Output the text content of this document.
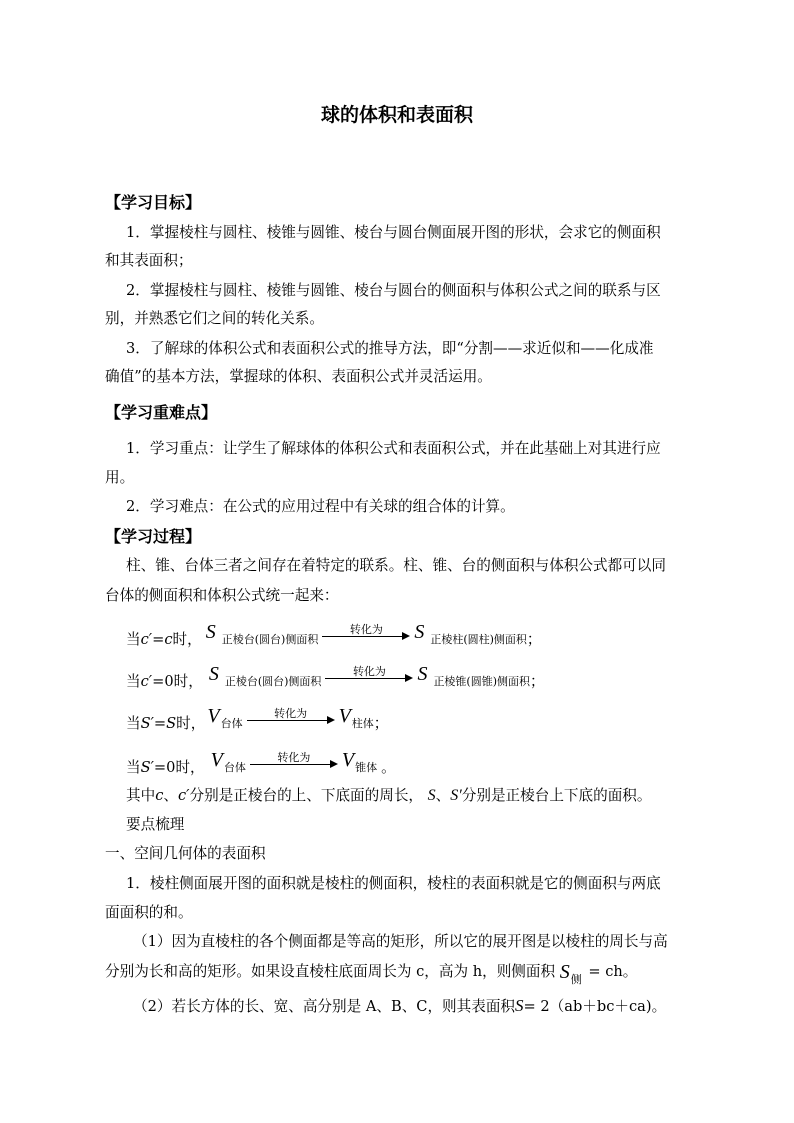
球的体积和表面积
【学习目标】
1．掌握棱柱与圆柱、棱锥与圆锥、棱台与圆台侧面展开图的形状，会求它的侧面积
和其表面积；
2．掌握棱柱与圆柱、棱锥与圆锥、棱台与圆台的侧面积与体积公式之间的联系与区
别，并熟悉它们之间的转化关系。
3．了解球的体积公式和表面积公式的推导方法，即“分割——求近似和——化成准
确值”的基本方法，掌握球的体积、表面积公式并灵活运用。
【学习重难点】
1．学习重点：让学生了解球体的体积公式和表面积公式，并在此基础上对其进行应
用。
2．学习难点：在公式的应用过程中有关球的组合体的计算。
【学习过程】
柱、锥、台体三者之间存在着特定的联系。柱、锥、台的侧面积与体积公式都可以同
台体的侧面积和体积公式统一起来：
当 c′ = c 时， S 正棱台(圆台)侧面积
转化为	S 正棱柱(圆柱)侧面积 ；
当 c′ = 0 时， S 正棱台(圆台)侧面积
转化为	S 正棱锥(圆锥)侧面积 ；
当 S′ = S 时， V 台体
转化为	V 柱体 ；
当 S′ = 0 时， V 台体
转化为	V 锥体 。
其中c、c′分别是正棱台的上、下底面的周长， S、S′分别是正棱台上下底的面积。
要点梳理
一、空间几何体的表面积
1．棱柱侧面展开图的面积就是棱柱的侧面积，棱柱的表面积就是它的侧面积与两底
面面积的和。
（1）因为直棱柱的各个侧面都是等高的矩形，所以它的展开图是以棱柱的周长与高
分别为长和高的矩形。如果设直棱柱底面周长为 c，高为 h，则侧面积 S 侧 = ch。
（2）若长方体的长、宽、高分别是 A、B、C，则其表面积S= 2（ab＋bc＋ca)。
